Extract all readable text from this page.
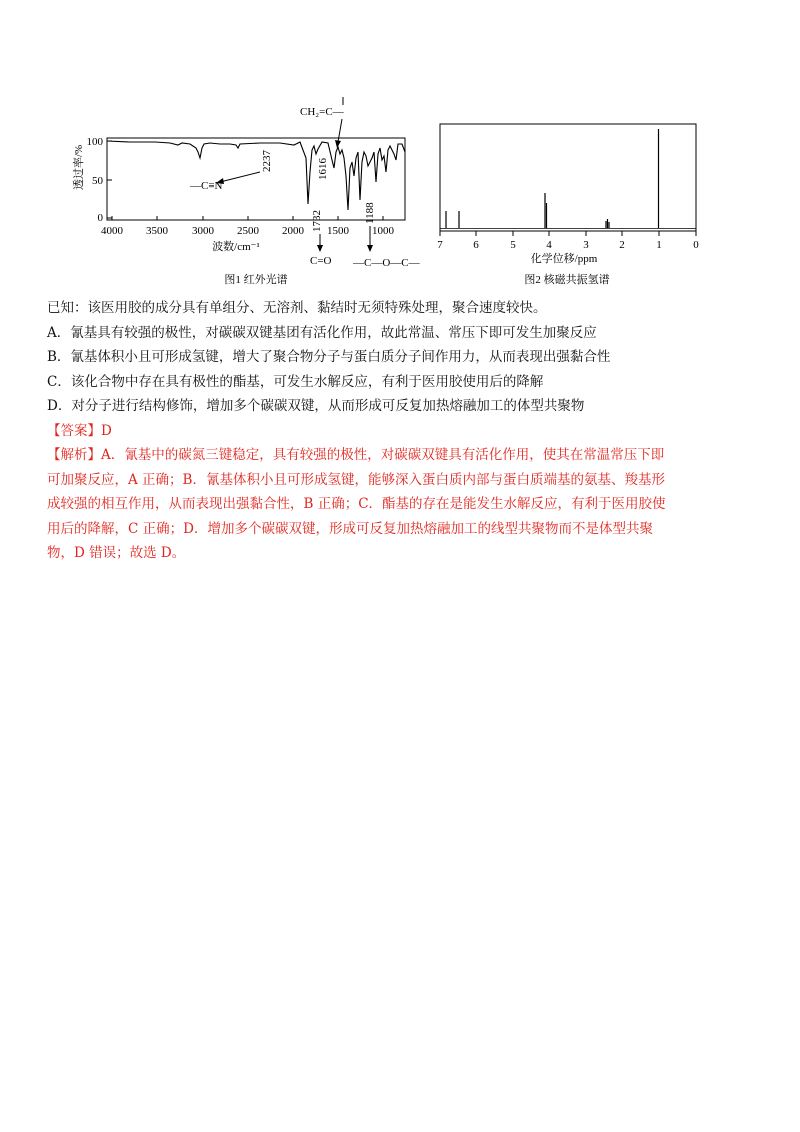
100
50
0
透过率/%
4000 3500 3000 2500 2000 1500 1000
波数/cm⁻¹
2237
—C≡N
1732
C=O
1616
CH₂=C—
1188
—C—O—C—
图1 红外光谱
7	6	5	4	3	2	1	0
化学位移/ppm
图2 核磁共振氢谱

已知：该医用胶的成分具有单组分、无溶剂、黏结时无须特殊处理，聚合速度较快。

A．氰基具有较强的极性，对碳碳双键基团有活化作用，故此常温、常压下即可发生加聚反应

B．氰基体积小且可形成氢键，增大了聚合物分子与蛋白质分子间作用力，从而表现出强黏合性

C．该化合物中存在具有极性的酯基，可发生水解反应，有利于医用胶使用后的降解

D．对分子进行结构修饰，增加多个碳碳双键，从而形成可反复加热熔融加工的体型共聚物

【答案】D

【解析】A．氰基中的碳氮三键稳定，具有较强的极性，对碳碳双键具有活化作用，使其在常温常压下即

可加聚反应，A 正确；B．氰基体积小且可形成氢键，能够深入蛋白质内部与蛋白质端基的氨基、羧基形

成较强的相互作用，从而表现出强黏合性，B 正确；C．酯基的存在是能发生水解反应，有利于医用胶使

用后的降解，C 正确；D．增加多个碳碳双键，形成可反复加热熔融加工的线型共聚物而不是体型共聚

物，D 错误；故选 D。
